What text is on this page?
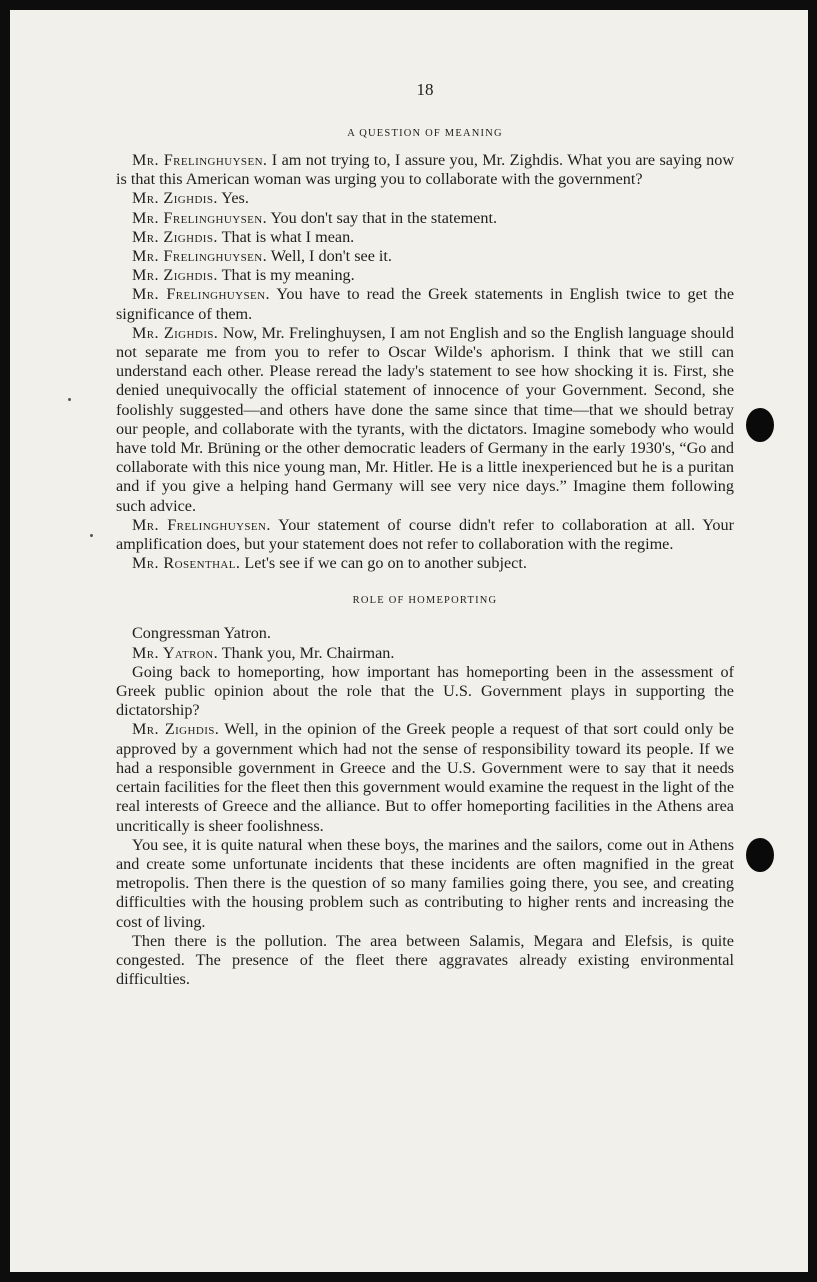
18
A QUESTION OF MEANING

Mr. Frelinghuysen. I am not trying to, I assure you, Mr. Zighdis. What you are saying now is that this American woman was urging you to collaborate with the government?

Mr. Zighdis. Yes.

Mr. Frelinghuysen. You don't say that in the statement.

Mr. Zighdis. That is what I mean.

Mr. Frelinghuysen. Well, I don't see it.

Mr. Zighdis. That is my meaning.

Mr. Frelinghuysen. You have to read the Greek statements in English twice to get the significance of them.

Mr. Zighdis. Now, Mr. Frelinghuysen, I am not English and so the English language should not separate me from you to refer to Oscar Wilde's aphorism. I think that we still can understand each other. Please reread the lady's statement to see how shocking it is. First, she denied unequivocally the official statement of innocence of your Government. Second, she foolishly suggested—and others have done the same since that time—that we should betray our people, and collaborate with the tyrants, with the dictators. Imagine somebody who would have told Mr. Brüning or the other democratic leaders of Germany in the early 1930's, “Go and collaborate with this nice young man, Mr. Hitler. He is a little inexperienced but he is a puritan and if you give a helping hand Germany will see very nice days.” Imagine them following such advice.

Mr. Frelinghuysen. Your statement of course didn't refer to collaboration at all. Your amplification does, but your statement does not refer to collaboration with the regime.

Mr. Rosenthal. Let's see if we can go on to another subject.

ROLE OF HOMEPORTING

Congressman Yatron.

Mr. Yatron. Thank you, Mr. Chairman.

Going back to homeporting, how important has homeporting been in the assessment of Greek public opinion about the role that the U.S. Government plays in supporting the dictatorship?

Mr. Zighdis. Well, in the opinion of the Greek people a request of that sort could only be approved by a government which had not the sense of responsibility toward its people. If we had a responsible government in Greece and the U.S. Government were to say that it needs certain facilities for the fleet then this government would examine the request in the light of the real interests of Greece and the alliance. But to offer homeporting facilities in the Athens area uncritically is sheer foolishness.

You see, it is quite natural when these boys, the marines and the sailors, come out in Athens and create some unfortunate incidents that these incidents are often magnified in the great metropolis. Then there is the question of so many families going there, you see, and creating difficulties with the housing problem such as contributing to higher rents and increasing the cost of living.

Then there is the pollution. The area between Salamis, Megara and Elefsis, is quite congested. The presence of the fleet there aggravates already existing environmental difficulties.
